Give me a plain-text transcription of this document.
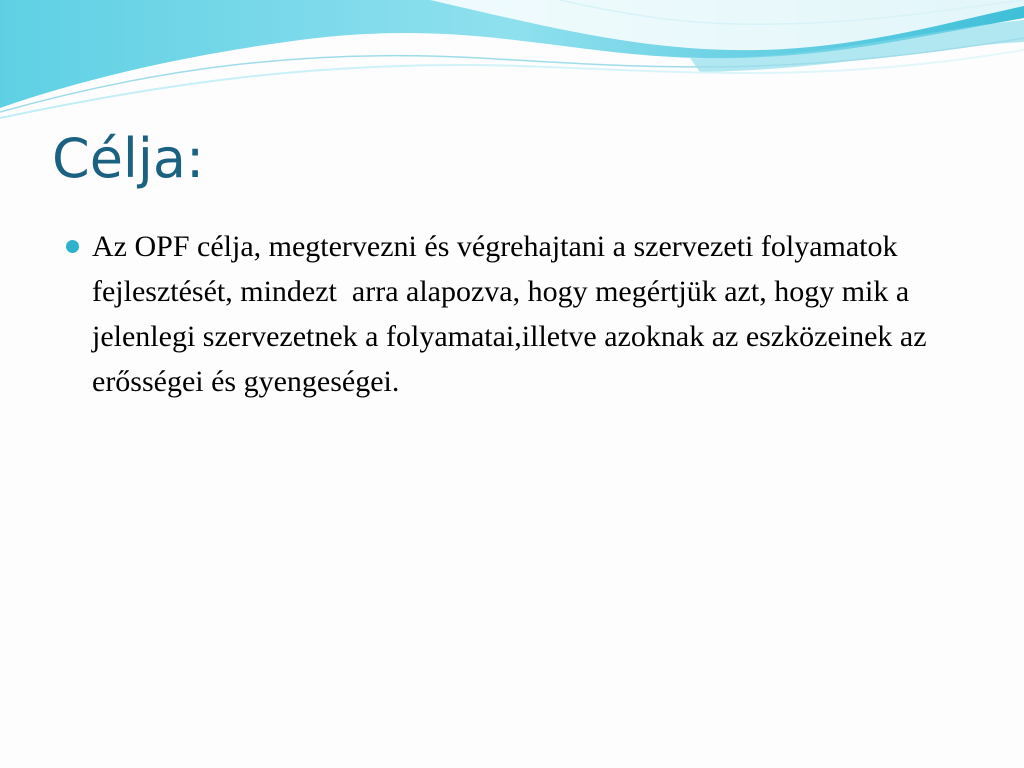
Célja:
Az OPF célja, megtervezni és végrehajtani a szervezeti folyamatok fejlesztését, mindezt  arra alapozva, hogy megértjük azt, hogy mik a jelenlegi szervezetnek a folyamatai,illetve azoknak az eszközeinek az erősségei és gyengeségei.
